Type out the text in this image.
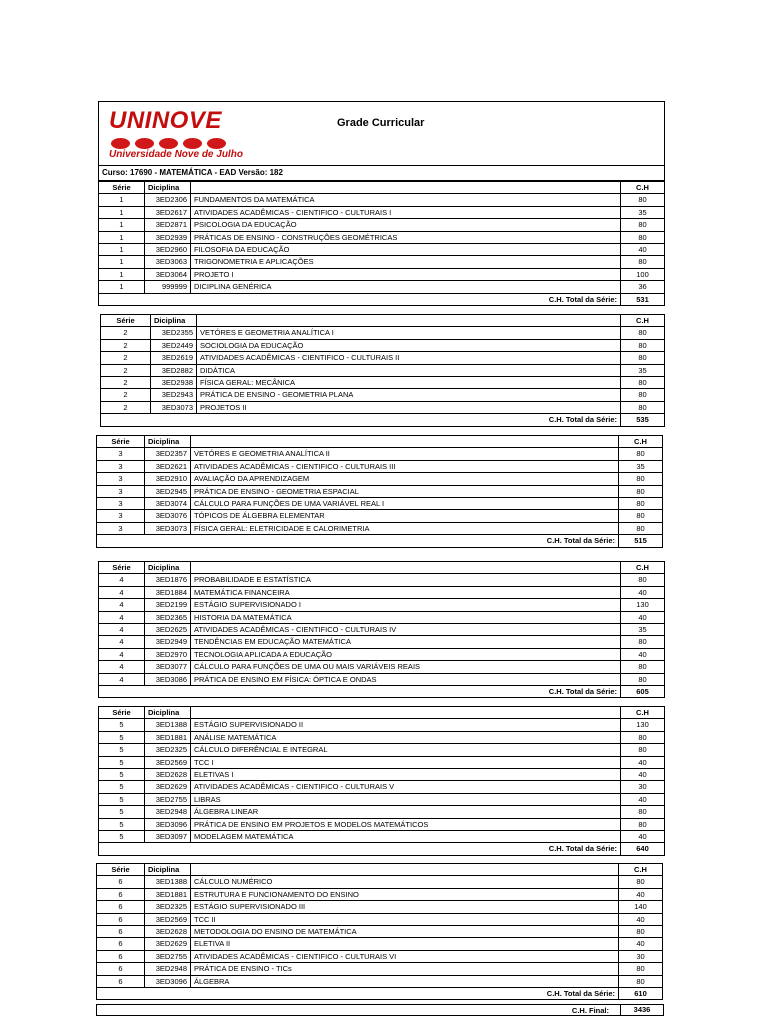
UNINOVE
Universidade Nove de Julho
Grade Curricular
Curso: 17690 - MATEMÁTICA - EAD Versão: 182
Série	Diciplina		C.H
1	3ED2306	FUNDAMENTOS DA MATEMÁTICA	80
1	3ED2617	ATIVIDADES ACADÊMICAS - CIENTIFICO - CULTURAIS I	35
1	3ED2871	PSICOLOGIA DA EDUCAÇÃO	80
1	3ED2939	PRÁTICAS DE ENSINO - CONSTRUÇÕES GEOMÉTRICAS	80
1	3ED2960	FILOSOFIA DA EDUCAÇÃO	40
1	3ED3063	TRIGONOMETRIA E APLICAÇÕES	80
1	3ED3064	PROJETO I	100
1	999999	DICIPLINA GENÉRICA	36
	C.H. Total da Série:		531
Série	Diciplina		C.H
2	3ED2355	VETÓRES E GEOMETRIA ANALÍTICA I	80
2	3ED2449	SOCIOLOGIA DA EDUCAÇÃO	80
2	3ED2619	ATIVIDADES ACADÊMICAS - CIENTIFICO - CULTURAIS II	80
2	3ED2882	DIDÁTICA	35
2	3ED2938	FÍSICA GERAL: MECÂNICA	80
2	3ED2943	PRÁTICA DE ENSINO - GEOMETRIA PLANA	80
2	3ED3073	PROJETOS II	80
	C.H. Total da Série:		535
Série	Diciplina		C.H
3	3ED2357	VETÓRES E GEOMETRIA ANALÍTICA II	80
3	3ED2621	ATIVIDADES ACADÊMICAS - CIENTIFICO - CULTURAIS III	35
3	3ED2910	AVALIAÇÃO DA APRENDIZAGEM	80
3	3ED2945	PRÁTICA DE ENSINO - GEOMETRIA ESPACIAL	80
3	3ED3074	CÁLCULO PARA FUNÇÕES DE UMA VARIÁVEL REAL I	80
3	3ED3076	TÓPICOS DE ÁLGEBRA ELEMENTAR	80
3	3ED3073	FÍSICA GERAL: ELETRICIDADE E CALORIMETRIA	80
	C.H. Total da Série:		515
Série	Diciplina		C.H
4	3ED1876	PROBABILIDADE E ESTATÍSTICA	80
4	3ED1884	MATEMÁTICA FINANCEIRA	40
4	3ED2199	ESTÁGIO SUPERVISIONADO I	130
4	3ED2365	HISTORIA DA MATEMÁTICA	40
4	3ED2625	ATIVIDADES ACADÊMICAS - CIENTIFICO - CULTURAIS IV	35
4	3ED2949	TENDÊNCIAS EM EDUCAÇÃO MATEMÁTICA	80
4	3ED2970	TECNOLOGIA APLICADA A EDUCAÇÃO	40
4	3ED3077	CÁLCULO PARA FUNÇÕES DE UMA OU MAIS VARIÁVEIS REAIS	80
4	3ED3086	PRÁTICA DE ENSINO EM FÍSICA: ÓPTICA E ONDAS	80
	C.H. Total da Série:		605
Série	Diciplina		C.H
5	3ED1388	ESTÁGIO SUPERVISIONADO II	130
5	3ED1881	ANÁLISE MATEMÁTICA	80
5	3ED2325	CÁLCULO DIFERÊNCIAL E INTEGRAL	80
5	3ED2569	TCC I	40
5	3ED2628	ELETIVAS I	40
5	3ED2629	ATIVIDADES ACADÊMICAS - CIENTIFICO - CULTURAIS V	30
5	3ED2755	LIBRAS	40
5	3ED2948	ÁLGEBRA LINEAR	80
5	3ED3096	PRÁTICA DE ENSINO EM PROJETOS E MODELOS MATEMÁTICOS	80
5	3ED3097	MODELAGEM MATEMÁTICA	40
	C.H. Total da Série:		640
Série	Diciplina		C.H
6	3ED1388	CÁLCULO NUMÉRICO	80
6	3ED1881	ESTRUTURA E FUNCIONAMENTO DO ENSINO	40
6	3ED2325	ESTÁGIO SUPERVISIONADO III	140
6	3ED2569	TCC II	40
6	3ED2628	METODOLOGIA DO ENSINO DE MATEMÁTICA	80
6	3ED2629	ELETIVA II	40
6	3ED2755	ATIVIDADES ACADÊMICAS - CIENTIFICO - CULTURAIS VI	30
6	3ED2948	PRÁTICA DE ENSINO - TICs	80
6	3ED3096	ÁLGEBRA	80
	C.H. Total da Série:		610
C.H. Final:	3436
